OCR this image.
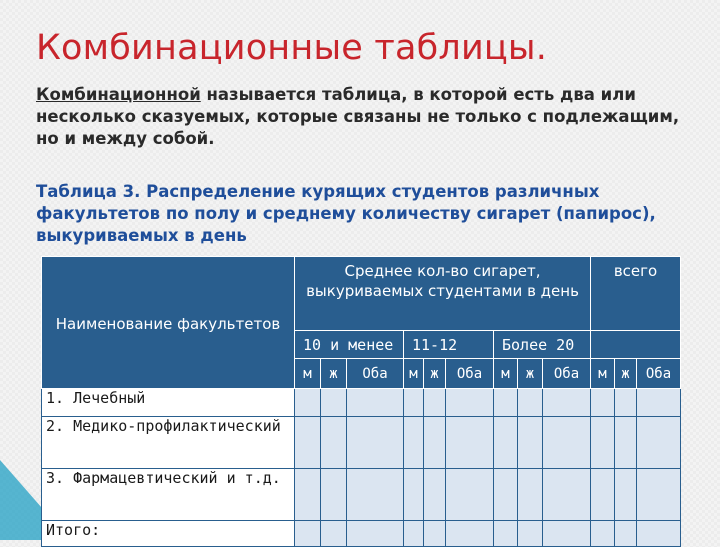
Комбинационные таблицы.

Комбинационной называется таблица, в которой есть два или несколько сказуемых, которые связаны не только с подлежащим, но и между собой.

Таблица 3. Распределение курящих студентов различных факультетов по полу и среднему количеству сигарет (папирос), выкуриваемых в день

Наименование факультетов	Среднее кол-во сигарет, выкуриваемых студентами в день									всего		
	10 и менее			11-12			Более 20					
	м	ж	Оба	м	ж	Оба	м	ж	Оба	м	ж	Оба
1. Лечебный												
2. Медико-профилактический												
3. Фармацевтический и т.д.												
Итого:												
